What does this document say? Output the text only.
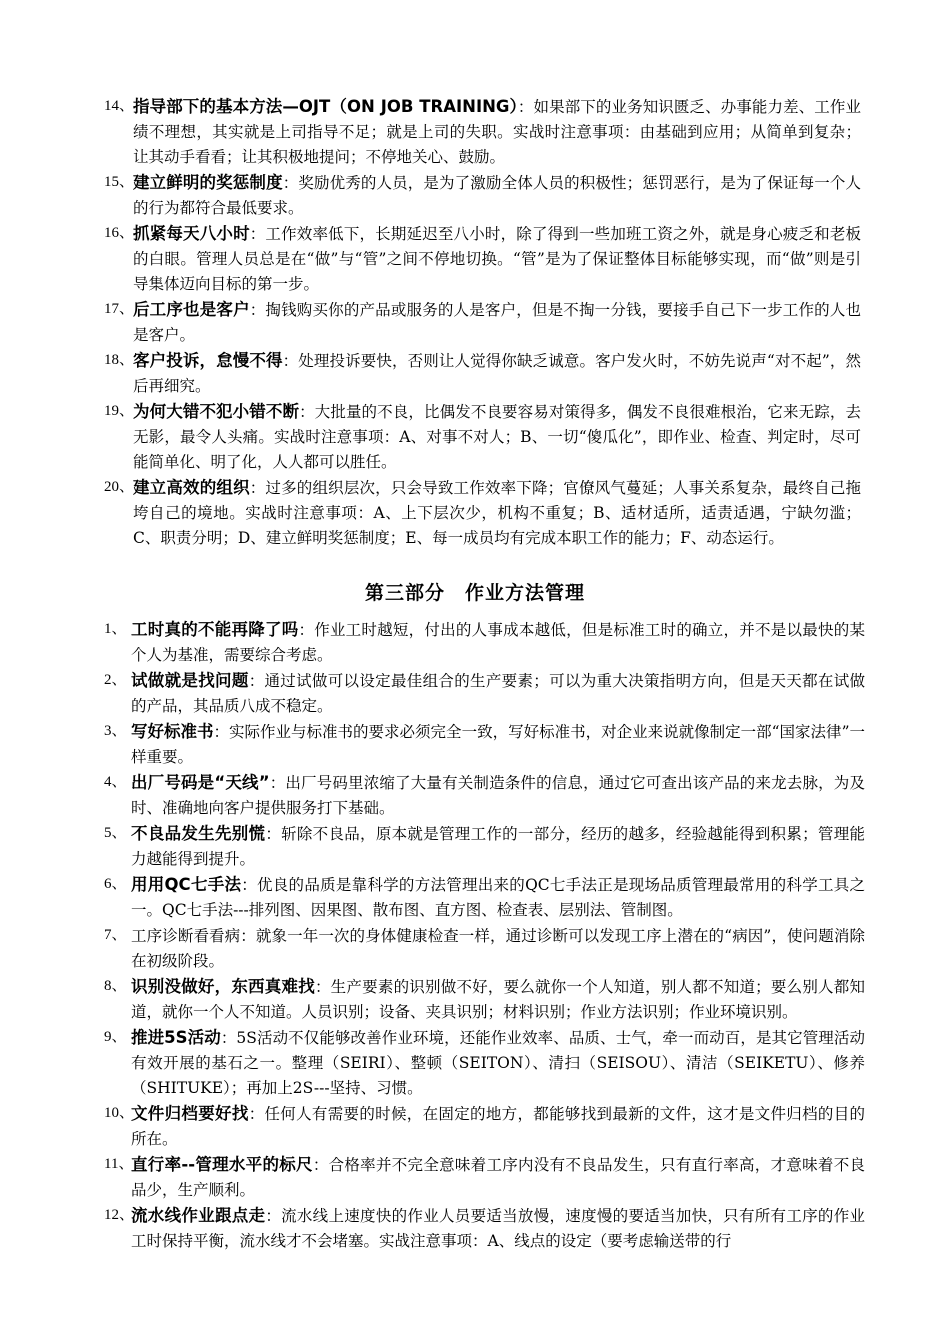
14、
指导部下的基本方法—OJT（ON JOB TRAINING）：如果部下的业务知识匮乏、办事能力差、工作业绩不理想，其实就是上司指导不足；就是上司的失职。实战时注意事项：由基础到应用；从简单到复杂；让其动手看看；让其积极地提问；不停地关心、鼓励。
15、
建立鲜明的奖惩制度：奖励优秀的人员，是为了激励全体人员的积极性；惩罚恶行，是为了保证每一个人的行为都符合最低要求。
16、
抓紧每天八小时：工作效率低下，长期延迟至八小时，除了得到一些加班工资之外，就是身心疲乏和老板的白眼。管理人员总是在“做”与“管”之间不停地切换。“管”是为了保证整体目标能够实现，而“做”则是引导集体迈向目标的第一步。
17、
后工序也是客户：掏钱购买你的产品或服务的人是客户，但是不掏一分钱，要接手自己下一步工作的人也是客户。
18、
客户投诉，怠慢不得：处理投诉要快，否则让人觉得你缺乏诚意。客户发火时，不妨先说声“对不起”，然后再细究。
19、
为何大错不犯小错不断：大批量的不良，比偶发不良要容易对策得多，偶发不良很难根治，它来无踪，去无影，最令人头痛。实战时注意事项：A、对事不对人；B、一切“傻瓜化”，即作业、检查、判定时，尽可能简单化、明了化，人人都可以胜任。
20、
建立高效的组织：过多的组织层次，只会导致工作效率下降；官僚风气蔓延；人事关系复杂，最终自己拖垮自己的境地。实战时注意事项：A、上下层次少，机构不重复；B、适材适所，适责适遇，宁缺勿滥；C、职责分明；D、建立鲜明奖惩制度；E、每一成员均有完成本职工作的能力；F、动态运行。
第三部分　作业方法管理
1、 工时真的不能再降了吗：作业工时越短，付出的人事成本越低，但是标准工时的确立，并不是以最快的某个人为基准，需要综合考虑。
2、 试做就是找问题：通过试做可以设定最佳组合的生产要素；可以为重大决策指明方向，但是天天都在试做的产品，其品质八成不稳定。
3、 写好标准书：实际作业与标准书的要求必须完全一致，写好标准书，对企业来说就像制定一部“国家法律”一样重要。
4、 出厂号码是“天线”：出厂号码里浓缩了大量有关制造条件的信息，通过它可查出该产品的来龙去脉，为及时、准确地向客户提供服务打下基础。
5、 不良品发生先别慌：斩除不良品，原本就是管理工作的一部分，经历的越多，经验越能得到积累；管理能力越能得到提升。
6、 用用QC七手法：优良的品质是靠科学的方法管理出来的QC七手法正是现场品质管理最常用的科学工具之一。QC七手法---排列图、因果图、散布图、直方图、检查表、层别法、管制图。
7、 工序诊断看看病：就象一年一次的身体健康检查一样，通过诊断可以发现工序上潜在的“病因”，使问题消除在初级阶段。
8、 识别没做好，东西真难找：生产要素的识别做不好，要么就你一个人知道，别人都不知道；要么别人都知道，就你一个人不知道。人员识别；设备、夹具识别；材料识别；作业方法识别；作业环境识别。
9、 推进5S活动：5S活动不仅能够改善作业环境，还能作业效率、品质、士气，牵一而动百，是其它管理活动有效开展的基石之一。整理（SEIRI）、整顿（SEITON）、清扫（SEISOU）、清洁（SEIKETU）、修养（SHITUKE）；再加上2S---坚持、习惯。
10、
文件归档要好找：任何人有需要的时候，在固定的地方，都能够找到最新的文件，这才是文件归档的目的所在。
11、
直行率--管理水平的标尺：合格率并不完全意味着工序内没有不良品发生，只有直行率高，才意味着不良品少，生产顺利。
12、
流水线作业跟点走：流水线上速度快的作业人员要适当放慢，速度慢的要适当加快，只有所有工序的作业工时保持平衡，流水线才不会堵塞。实战注意事项：A、线点的设定（要考虑输送带的行
